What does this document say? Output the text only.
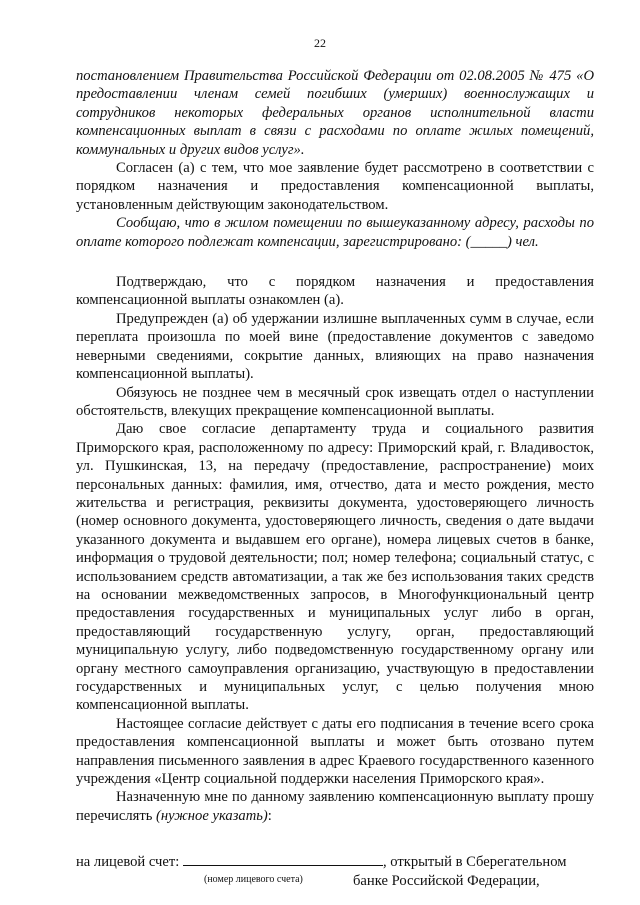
22

постановлением Правительства Российской Федерации от 02.08.2005 № 475 «О предоставлении членам семей погибших (умерших) военнослужащих и сотрудников некоторых федеральных органов исполнительной власти компенсационных выплат в связи с расходами по оплате жилых помещений, коммунальных и других видов услуг».

Согласен (а) с тем, что мое заявление будет рассмотрено в соответствии с порядком назначения и предоставления компенсационной выплаты, установленным действующим законодательством.

Сообщаю, что в жилом помещении по вышеуказанному адресу, расходы по оплате которого подлежат компенсации, зарегистрировано: (_____) чел.

Подтверждаю, что с порядком назначения и предоставления компенсационной выплаты ознакомлен (а).

Предупрежден (а) об удержании излишне выплаченных сумм в случае, если переплата произошла по моей вине (предоставление документов с заведомо неверными сведениями, сокрытие данных, влияющих на право назначения компенсационной выплаты).

Обязуюсь не позднее чем в месячный срок извещать отдел о наступлении обстоятельств, влекущих прекращение компенсационной выплаты.

Даю свое согласие департаменту труда и социального развития Приморского края, расположенному по адресу: Приморский край, г. Владивосток, ул. Пушкинская, 13, на передачу (предоставление, распространение) моих персональных данных: фамилия, имя, отчество, дата и место рождения, место жительства и регистрация, реквизиты документа, удостоверяющего личность (номер основного документа, удостоверяющего личность, сведения о дате выдачи указанного документа и выдавшем его органе), номера лицевых счетов в банке, информация о трудовой деятельности; пол; номер телефона; социальный статус, с использованием средств автоматизации, а так же без использования таких средств на основании межведомственных запросов, в Многофункциональный центр предоставления государственных и муниципальных услуг либо в орган, предоставляющий государственную услугу, орган, предоставляющий муниципальную услугу, либо подведомственную государственному органу или органу местного самоуправления организацию, участвующую в предоставлении государственных и муниципальных услуг, с целью получения мною компенсационной выплаты.

Настоящее согласие действует с даты его подписания в течение всего срока предоставления компенсационной выплаты и может быть отозвано путем направления письменного заявления в адрес Краевого государственного казенного учреждения «Центр социальной поддержки населения Приморского края».

Назначенную мне по данному заявлению компенсационную выплату прошу перечислять (нужное указать):

на лицевой счет:	, открытый в Сберегательном
(номер лицевого счета)	банке Российской Федерации,
